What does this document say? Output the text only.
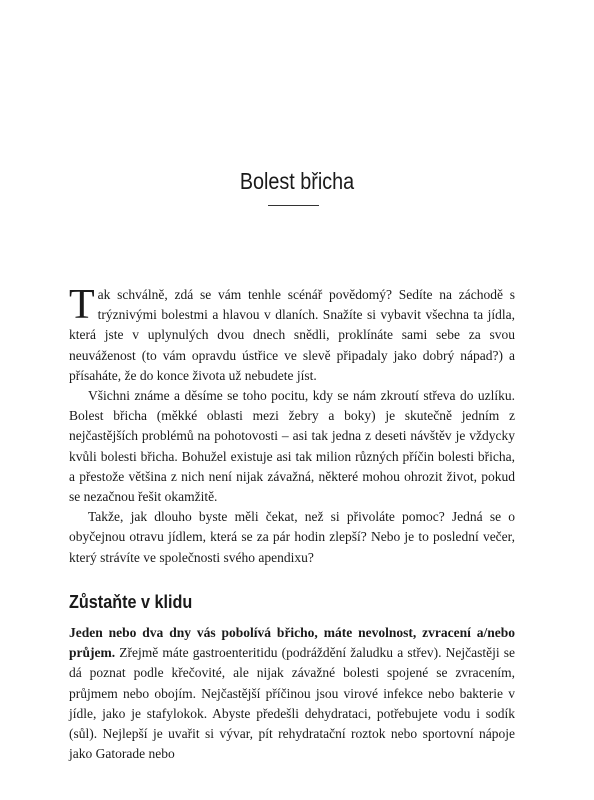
Bolest břicha

Tak schválně, zdá se vám tenhle scénář povědomý? Sedíte na záchodě s trýznivými bolestmi a hlavou v dlaních. Snažíte si vybavit všechna ta jídla, která jste v uplynulých dvou dnech snědli, proklínáte sami sebe za svou neuváženost (to vám opravdu ústřice ve slevě připadaly jako dobrý nápad?) a přísaháte, že do konce života už nebudete jíst.

Všichni známe a děsíme se toho pocitu, kdy se nám zkroutí střeva do uzlíku. Bolest břicha (měkké oblasti mezi žebry a boky) je skutečně jedním z nejčastějších problémů na pohotovosti – asi tak jedna z deseti návštěv je vždycky kvůli bolesti břicha. Bohužel existuje asi tak milion různých příčin bolesti břicha, a přestože většina z nich není nijak závažná, některé mohou ohrozit život, pokud se nezačnou řešit okamžitě.

Takže, jak dlouho byste měli čekat, než si přivoláte pomoc? Jedná se o obyčejnou otravu jídlem, která se za pár hodin zlepší? Nebo je to poslední večer, který strávíte ve společnosti svého apendixu?

Zůstaňte v klidu

Jeden nebo dva dny vás pobolívá břicho, máte nevolnost, zvracení a/nebo průjem. Zřejmě máte gastroenteritidu (podráždění žaludku a střev). Nejčastěji se dá poznat podle křečovité, ale nijak závažné bolesti spojené se zvracením, průjmem nebo obojím. Nejčastější příčinou jsou virové infekce nebo bakterie v jídle, jako je stafylokok. Abyste předešli dehydrataci, potřebujete vodu i sodík (sůl). Nejlepší je uvařit si vývar, pít rehydratační roztok nebo sportovní nápoje jako Gatorade nebo
